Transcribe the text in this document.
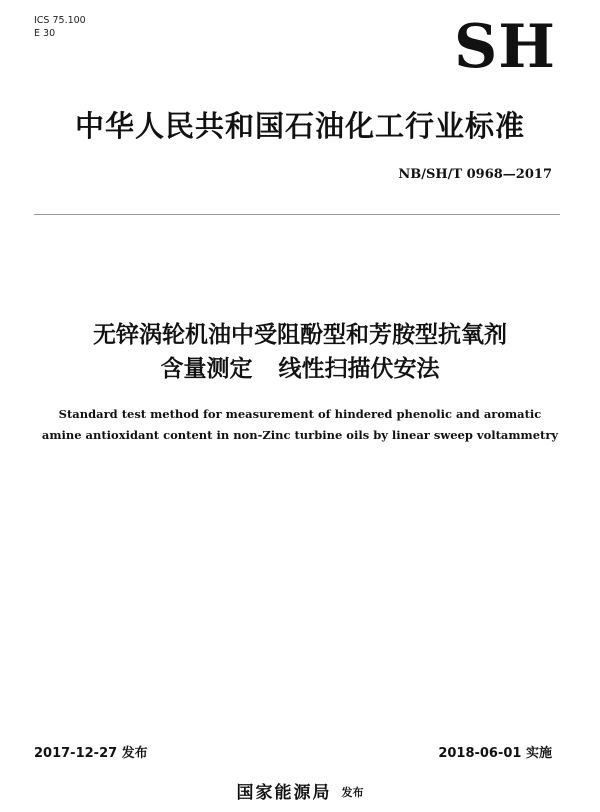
ICS 75.100
E 30	SH
中华人民共和国石油化工行业标准
NB/SH/T 0968—2017
无锌涡轮机油中受阻酚型和芳胺型抗氧剂
含量测定 线性扫描伏安法
Standard test method for measurement of hindered phenolic and aromatic
amine antioxidant content in non-Zinc turbine oils by linear sweep voltammetry
2017-12-27 发布	2018-06-01 实施
国家能源局 发布
